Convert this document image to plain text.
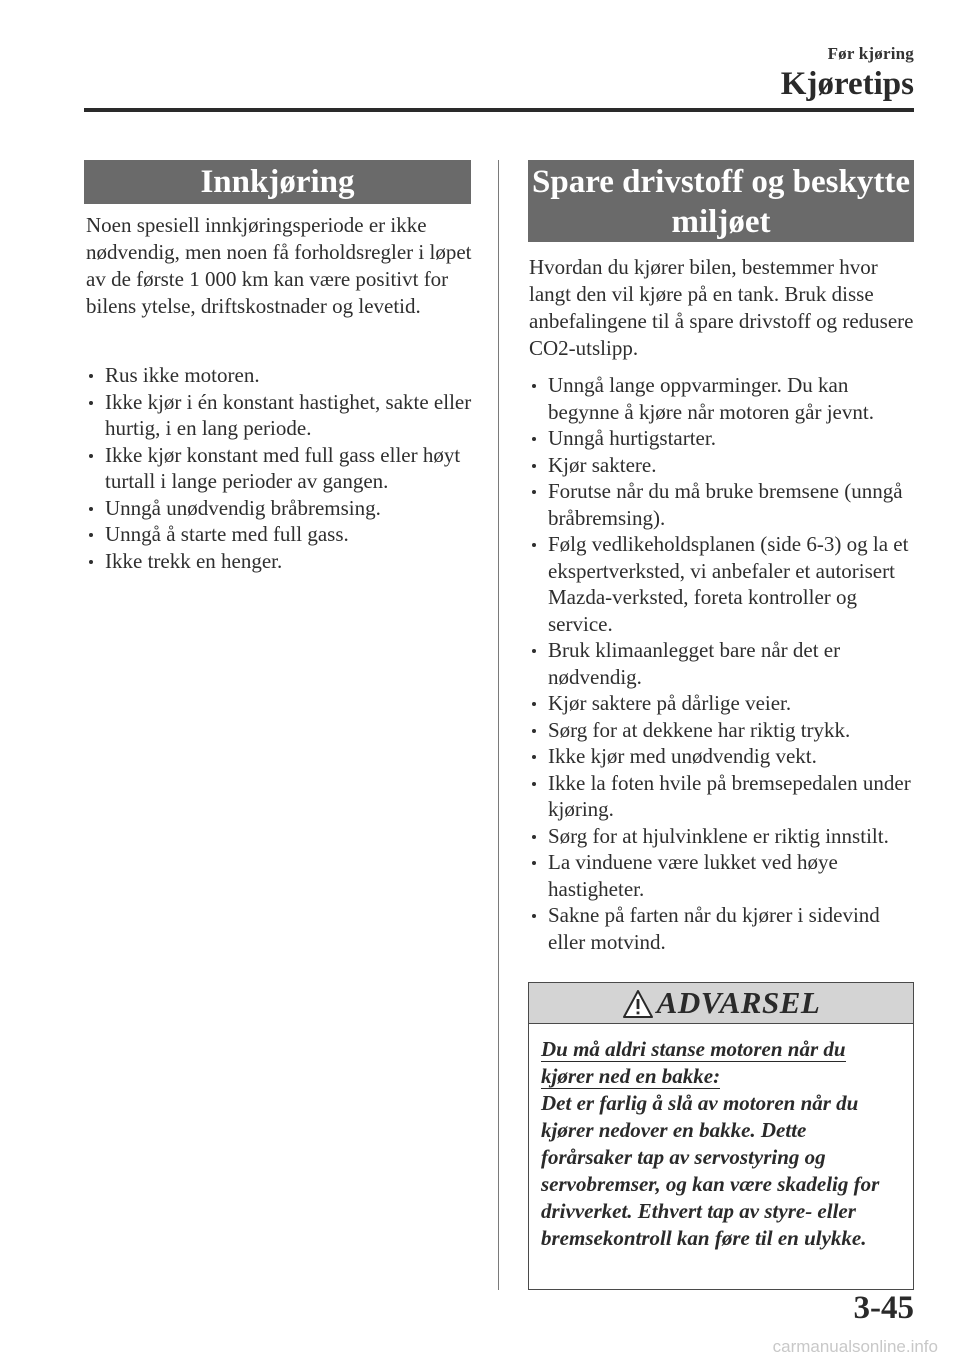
Før kjøring
Kjøretips
Innkjøring

Noen spesiell innkjøringsperiode er ikke nødvendig, men noen få forholdsregler i løpet av de første 1 000 km kan være positivt for bilens ytelse, driftskostnader og levetid.

Rus ikke motoren.
Ikke kjør i én konstant hastighet, sakte eller hurtig, i en lang periode.
Ikke kjør konstant med full gass eller høyt turtall i lange perioder av gangen.
Unngå unødvendig bråbremsing.
Unngå å starte med full gass.
Ikke trekk en henger.
Spare drivstoff og beskytte
miljøet

Hvordan du kjører bilen, bestemmer hvor langt den vil kjøre på en tank. Bruk disse anbefalingene til å spare drivstoff og redusere CO2-utslipp.

Unngå lange oppvarminger. Du kan begynne å kjøre når motoren går jevnt.
Unngå hurtigstarter.
Kjør saktere.
Forutse når du må bruke bremsene (unngå bråbremsing).
Følg vedlikeholdsplanen (side 6-3) og la et ekspertverksted, vi anbefaler et autorisert Mazda-verksted, foreta kontroller og service.
Bruk klimaanlegget bare når det er nødvendig.
Kjør saktere på dårlige veier.
Sørg for at dekkene har riktig trykk.
Ikke kjør med unødvendig vekt.
Ikke la foten hvile på bremsepedalen under kjøring.
Sørg for at hjulvinklene er riktig innstilt.
La vinduene være lukket ved høye hastigheter.
Sakne på farten når du kjører i sidevind eller motvind.
ADVARSEL
Du må aldri stanse motoren når du kjører ned en bakke:
Det er farlig å slå av motoren når du kjører nedover en bakke. Dette forårsaker tap av servostyring og servobremser, og kan være skadelig for drivverket. Ethvert tap av styre- eller bremsekontroll kan føre til en ulykke.
3-45
carmanualsonline.info
